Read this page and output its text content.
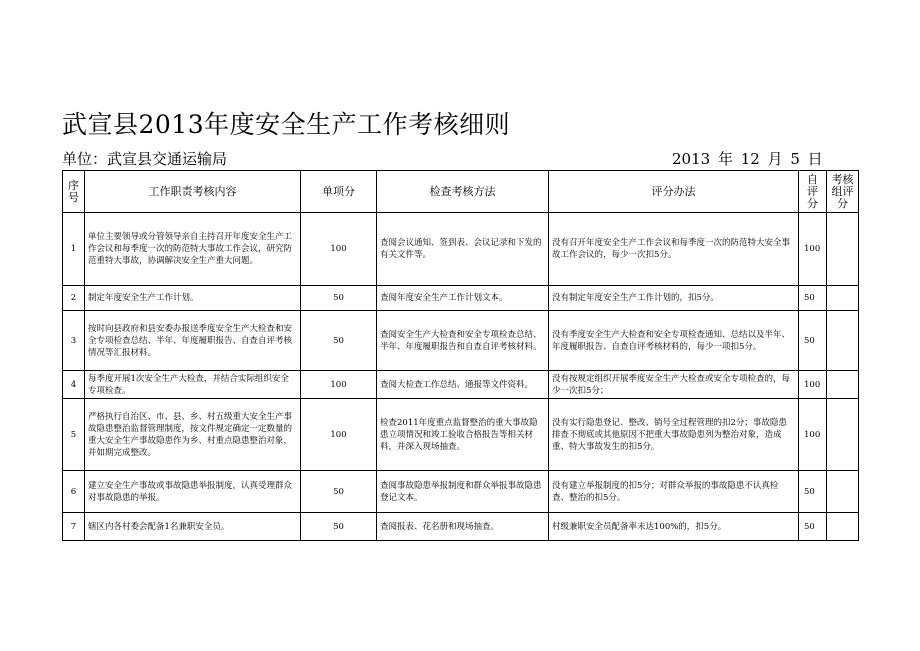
武宣县2013年度安全生产工作考核细则
单位：武宣县交通运输局	2013 年 12 月 5 日
序号	工作职责考核内容	单项分	检查考核方法	评分办法	自评分	考核组评分
1	单位主要领导或分管领导亲自主持召开年度安全生产工作会议和每季度一次的防范特大事故工作会议，研究防范重特大事故，协调解决安全生产重大问题。	100	查阅会议通知、签到表、会议记录和下发的有关文件等。	没有召开年度安全生产工作会议和每季度一次的防范特大安全事故工作会议的，每少一次扣5分。	100	
2	制定年度安全生产工作计划。	50	查阅年度安全生产工作计划文本。	没有制定年度安全生产工作计划的，扣5分。	50	
3	按时向县政府和县安委办报送季度安全生产大检查和安全专项检查总结、半年、年度履职报告、自查自评考核情况等汇报材料。	50	查阅安全生产大检查和安全专项检查总结、半年、年度履职报告和自查自评考核材料。	没有季度安全生产大检查和安全专项检查通知、总结以及半年、年度履职报告、自查自评考核材料的，每少一项扣5分。	50	
4	每季度开展1次安全生产大检查，并结合实际组织安全专项检查。	100	查阅大检查工作总结、通报等文件资料。	没有按规定组织开展季度安全生产大检查或安全专项检查的，每少一次扣5分；	100	
5	严格执行自治区、市、县、乡、村五级重大安全生产事故隐患整治监督管理制度，按文件规定确定一定数量的重大安全生产事故隐患作为乡、村重点隐患整治对象，并如期完成整改。	100	检查2011年度重点监督整治的重大事故隐患立项情况和竣工验收合格报告等相关材料，并深入现场抽查。	没有实行隐患登记、整改、销号全过程管理的扣2分；事故隐患排查不彻底或其他原因不把重大事故隐患列为整治对象，造成重、特大事故发生的扣5分。	100	
6	建立安全生产事故或事故隐患举报制度，认真受理群众对事故隐患的举报。	50	查阅事故隐患举报制度和群众举报事故隐患登记文本。	没有建立举报制度的扣5分；对群众举报的事故隐患不认真检查、整治的扣5分。	50	
7	辖区内各村委会配备1名兼职安全员。	50	查阅报表、花名册和现场抽查。	村级兼职安全员配备率未达100%的，扣5分。	50	
